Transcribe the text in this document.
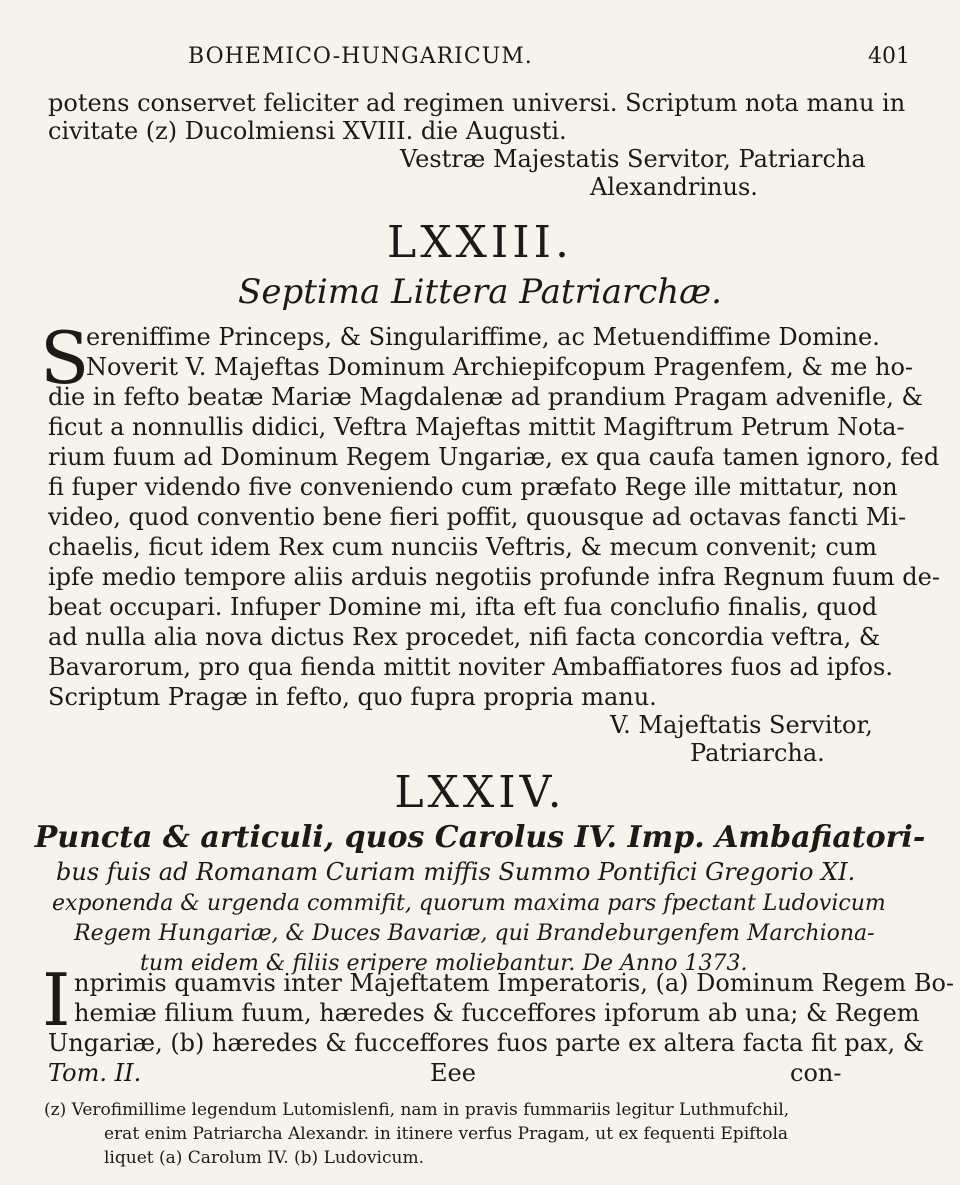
BOHEMICO-HUNGARICUM.	401
potens conservet feliciter ad regimen universi. Scriptum nota manu in
civitate (z) Ducolmiensi XVIII. die Augusti.
Vestræ Majestatis Servitor, Patriarcha
Alexandrinus.
LXXIII.
Septima Littera Patriarchæ.
S
ereniffime Princeps, & Singulariffime, ac Metuendiffime Domine.
Noverit V. Majeftas Dominum Archiepifcopum Pragenfem, & me ho-
die in fefto beatæ Mariæ Magdalenæ ad prandium Pragam advenifle, &
ficut a nonnullis didici, Veftra Majeftas mittit Magiftrum Petrum Nota-
rium fuum ad Dominum Regem Ungariæ, ex qua caufa tamen ignoro, fed
fi fuper videndo five conveniendo cum præfato Rege ille mittatur, non
video, quod conventio bene fieri poffit, quousque ad octavas fancti Mi-
chaelis, ficut idem Rex cum nunciis Veftris, & mecum convenit; cum
ipfe medio tempore aliis arduis negotiis profunde infra Regnum fuum de-
beat occupari. Infuper Domine mi, ifta eft fua conclufio finalis, quod
ad nulla alia nova dictus Rex procedet, nifi facta concordia veftra, &
Bavarorum, pro qua fienda mittit noviter Ambaffiatores fuos ad ipfos.
Scriptum Pragæ in fefto, quo fupra propria manu.
V. Majeftatis Servitor,
Patriarcha.
LXXIV.
Puncta & articuli, quos Carolus IV. Imp. Ambafiatori-
bus fuis ad Romanam Curiam miffis Summo Pontifici Gregorio XI.
exponenda & urgenda commifit, quorum maxima pars fpectant Ludovicum
Regem Hungariæ, & Duces Bavariæ, qui Brandeburgenfem Marchiona-
tum eidem & filiis eripere moliebantur. De Anno 1373.
I nprimis quamvis inter Majeftatem Imperatoris, (a) Dominum Regem Bo-
hemiæ filium fuum, hæredes & fucceffores ipforum ab una; & Regem
Ungariæ, (b) hæredes & fucceffores fuos parte ex altera facta fit pax, &
Tom. II.	Eee	con-
(z) Verofimillime legendum Lutomislenfi, nam in pravis fummariis legitur Luthmufchil,
erat enim Patriarcha Alexandr. in itinere verfus Pragam, ut ex fequenti Epiftola
liquet (a) Carolum IV. (b) Ludovicum.
